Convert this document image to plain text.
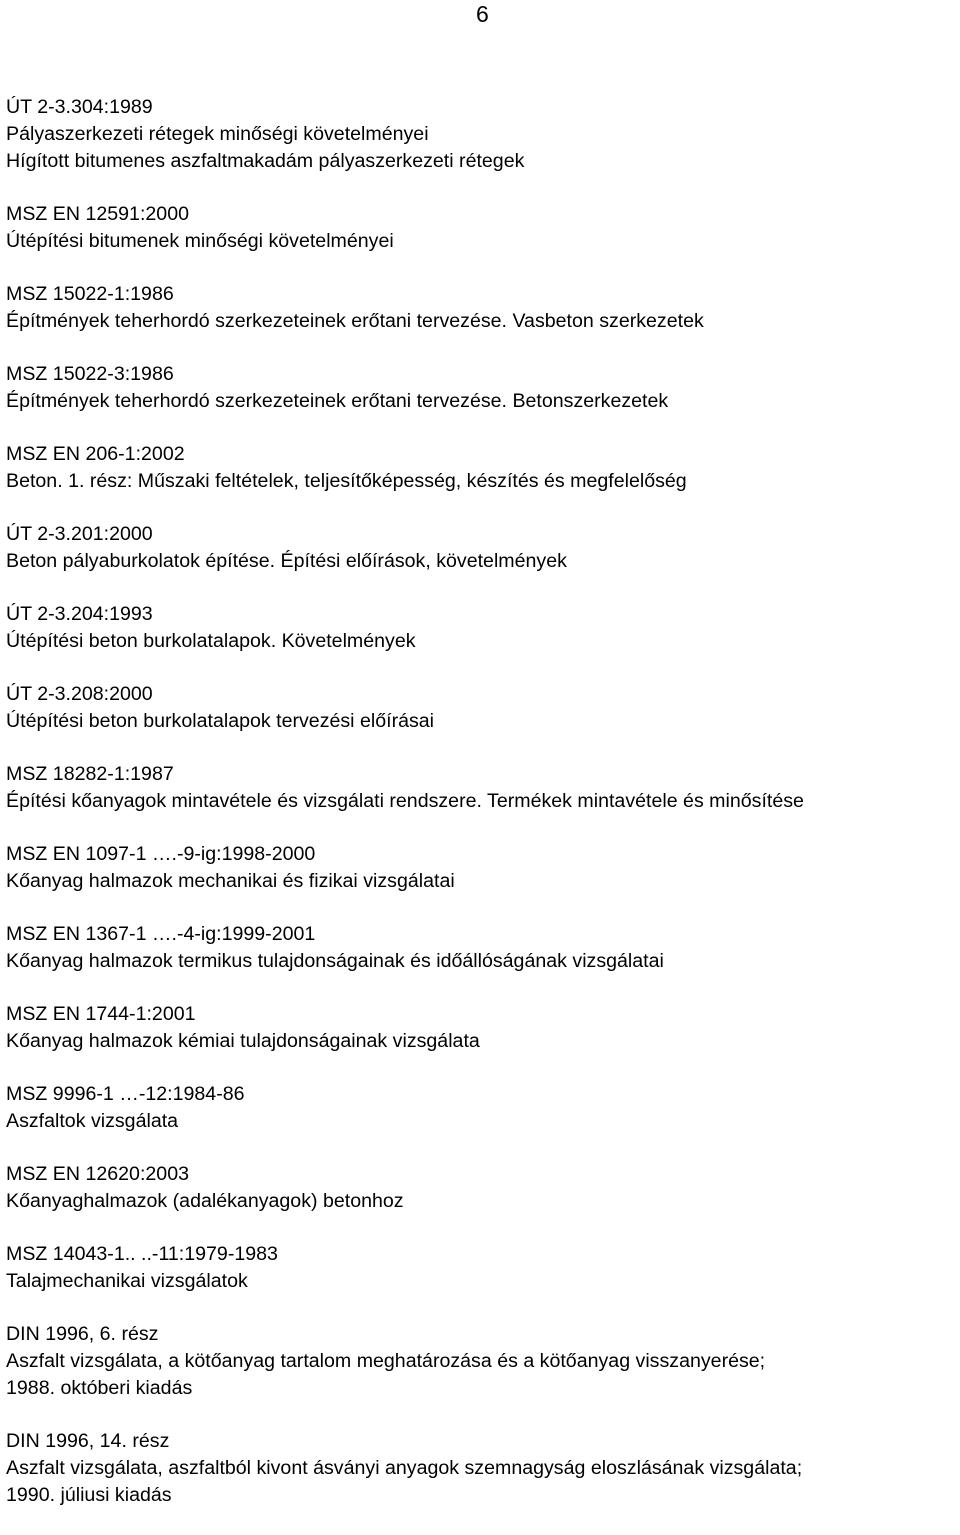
6
ÚT 2-3.304:1989
Pályaszerkezeti rétegek minőségi követelményei
Hígított bitumenes aszfaltmakadám pályaszerkezeti rétegek
MSZ EN 12591:2000
Útépítési bitumenek minőségi követelményei
MSZ 15022-1:1986
Építmények teherhordó szerkezeteinek erőtani tervezése. Vasbeton szerkezetek
MSZ 15022-3:1986
Építmények teherhordó szerkezeteinek erőtani tervezése. Betonszerkezetek
MSZ EN 206-1:2002
Beton. 1. rész: Műszaki feltételek, teljesítőképesség, készítés és megfelelőség
ÚT 2-3.201:2000
Beton pályaburkolatok építése. Építési előírások, követelmények
ÚT 2-3.204:1993
Útépítési beton burkolatalapok. Követelmények
ÚT 2-3.208:2000
Útépítési beton burkolatalapok tervezési előírásai
MSZ 18282-1:1987
Építési kőanyagok mintavétele és vizsgálati rendszere. Termékek mintavétele és minősítése
MSZ EN 1097-1 ….-9-ig:1998-2000
Kőanyag halmazok mechanikai és fizikai vizsgálatai
MSZ EN 1367-1 ….-4-ig:1999-2001
Kőanyag halmazok termikus tulajdonságainak és időállóságának vizsgálatai
MSZ EN 1744-1:2001
Kőanyag halmazok kémiai tulajdonságainak vizsgálata
MSZ 9996-1 …-12:1984-86
Aszfaltok vizsgálata
MSZ EN 12620:2003
Kőanyaghalmazok (adalékanyagok) betonhoz
MSZ 14043-1.. ..-11:1979-1983
Talajmechanikai vizsgálatok
DIN 1996, 6. rész
Aszfalt vizsgálata, a kötőanyag tartalom meghatározása és a kötőanyag visszanyerése;
1988. októberi kiadás
DIN 1996, 14. rész
Aszfalt vizsgálata, aszfaltból kivont ásványi anyagok szemnagyság eloszlásának vizsgálata;
1990. júliusi kiadás
